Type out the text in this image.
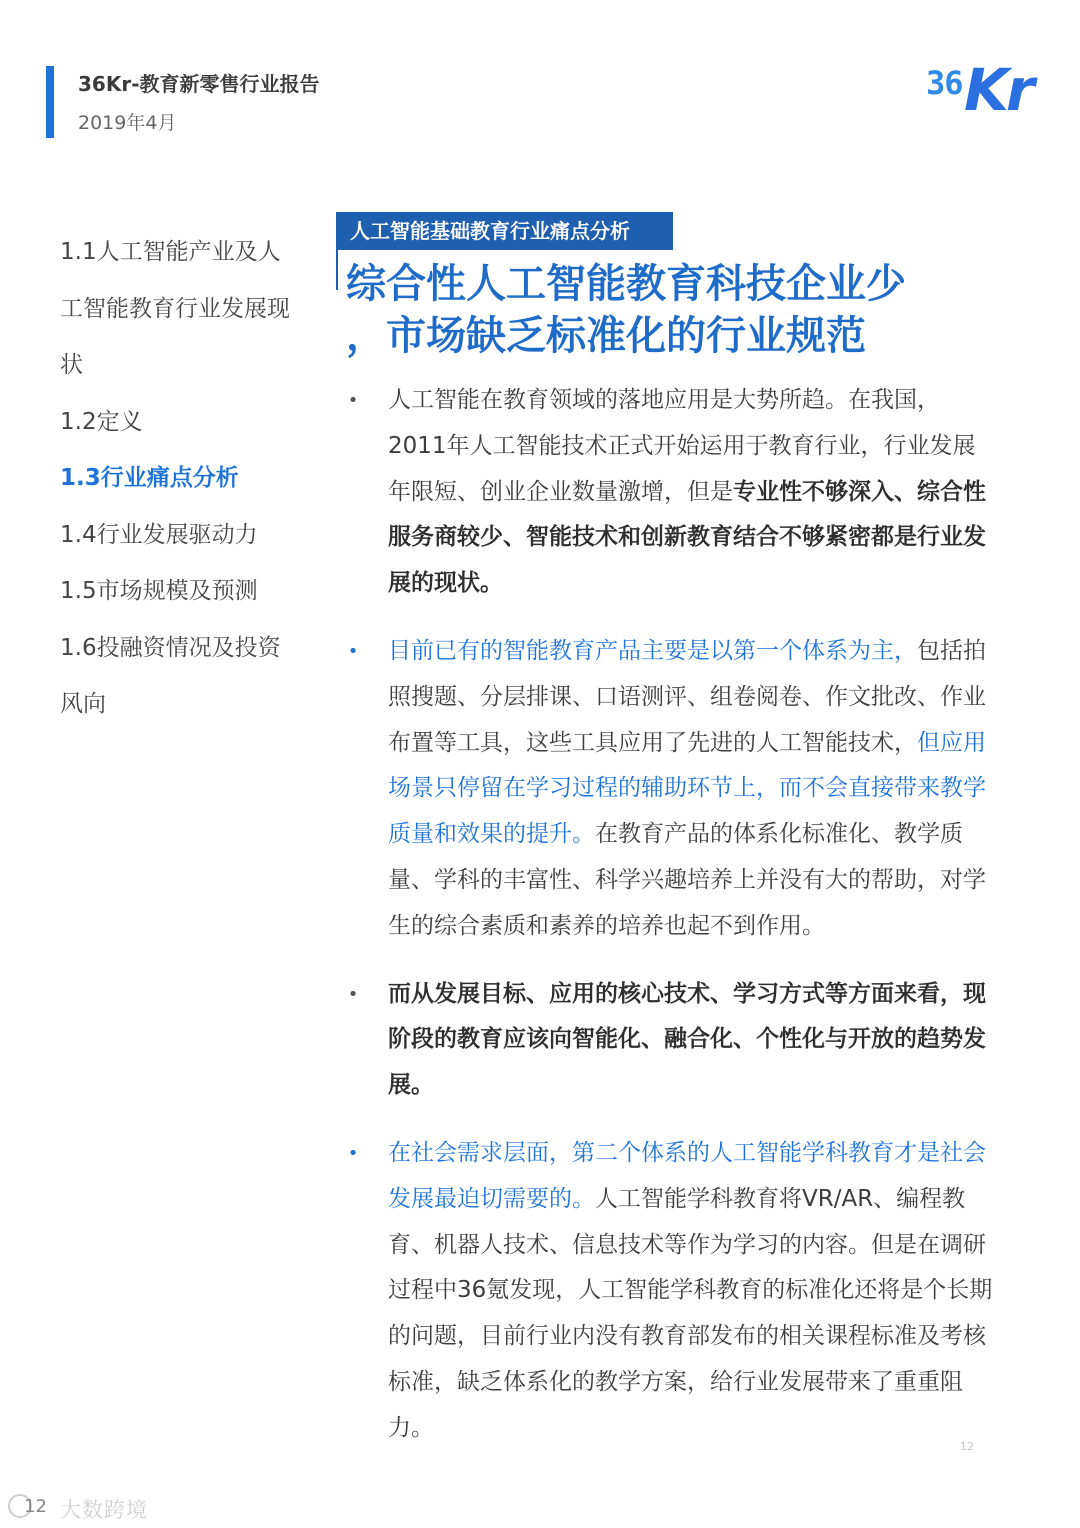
36Kr-教育新零售行业报告
2019年4月
36 Kr
1.1人工智能产业及人
工智能教育行业发展现
状
1.2定义
1.3行业痛点分析
1.4行业发展驱动力
1.5市场规模及预测
1.6投融资情况及投资
风向
人工智能基础教育行业痛点分析
综合性人工智能教育科技企业少
，市场缺乏标准化的行业规范
• 人工智能在教育领域的落地应用是大势所趋。在我国，2011年人工智能技术正式开始运用于教育行业，行业发展年限短、创业企业数量激增，但是专业性不够深入、综合性服务商较少、智能技术和创新教育结合不够紧密都是行业发展的现状。
• 目前已有的智能教育产品主要是以第一个体系为主，包括拍照搜题、分层排课、口语测评、组卷阅卷、作文批改、作业布置等工具，这些工具应用了先进的人工智能技术，但应用场景只停留在学习过程的辅助环节上，而不会直接带来教学质量和效果的提升。在教育产品的体系化标准化、教学质量、学科的丰富性、科学兴趣培养上并没有大的帮助，对学生的综合素质和素养的培养也起不到作用。
• 而从发展目标、应用的核心技术、学习方式等方面来看，现阶段的教育应该向智能化、融合化、个性化与开放的趋势发展。
• 在社会需求层面，第二个体系的人工智能学科教育才是社会发展最迫切需要的。人工智能学科教育将VR/AR、编程教育、机器人技术、信息技术等作为学习的内容。但是在调研过程中36氪发现，人工智能学科教育的标准化还将是个长期的问题，目前行业内没有教育部发布的相关课程标准及考核标准，缺乏体系化的教学方案，给行业发展带来了重重阻力。
12
12 大数跨境
